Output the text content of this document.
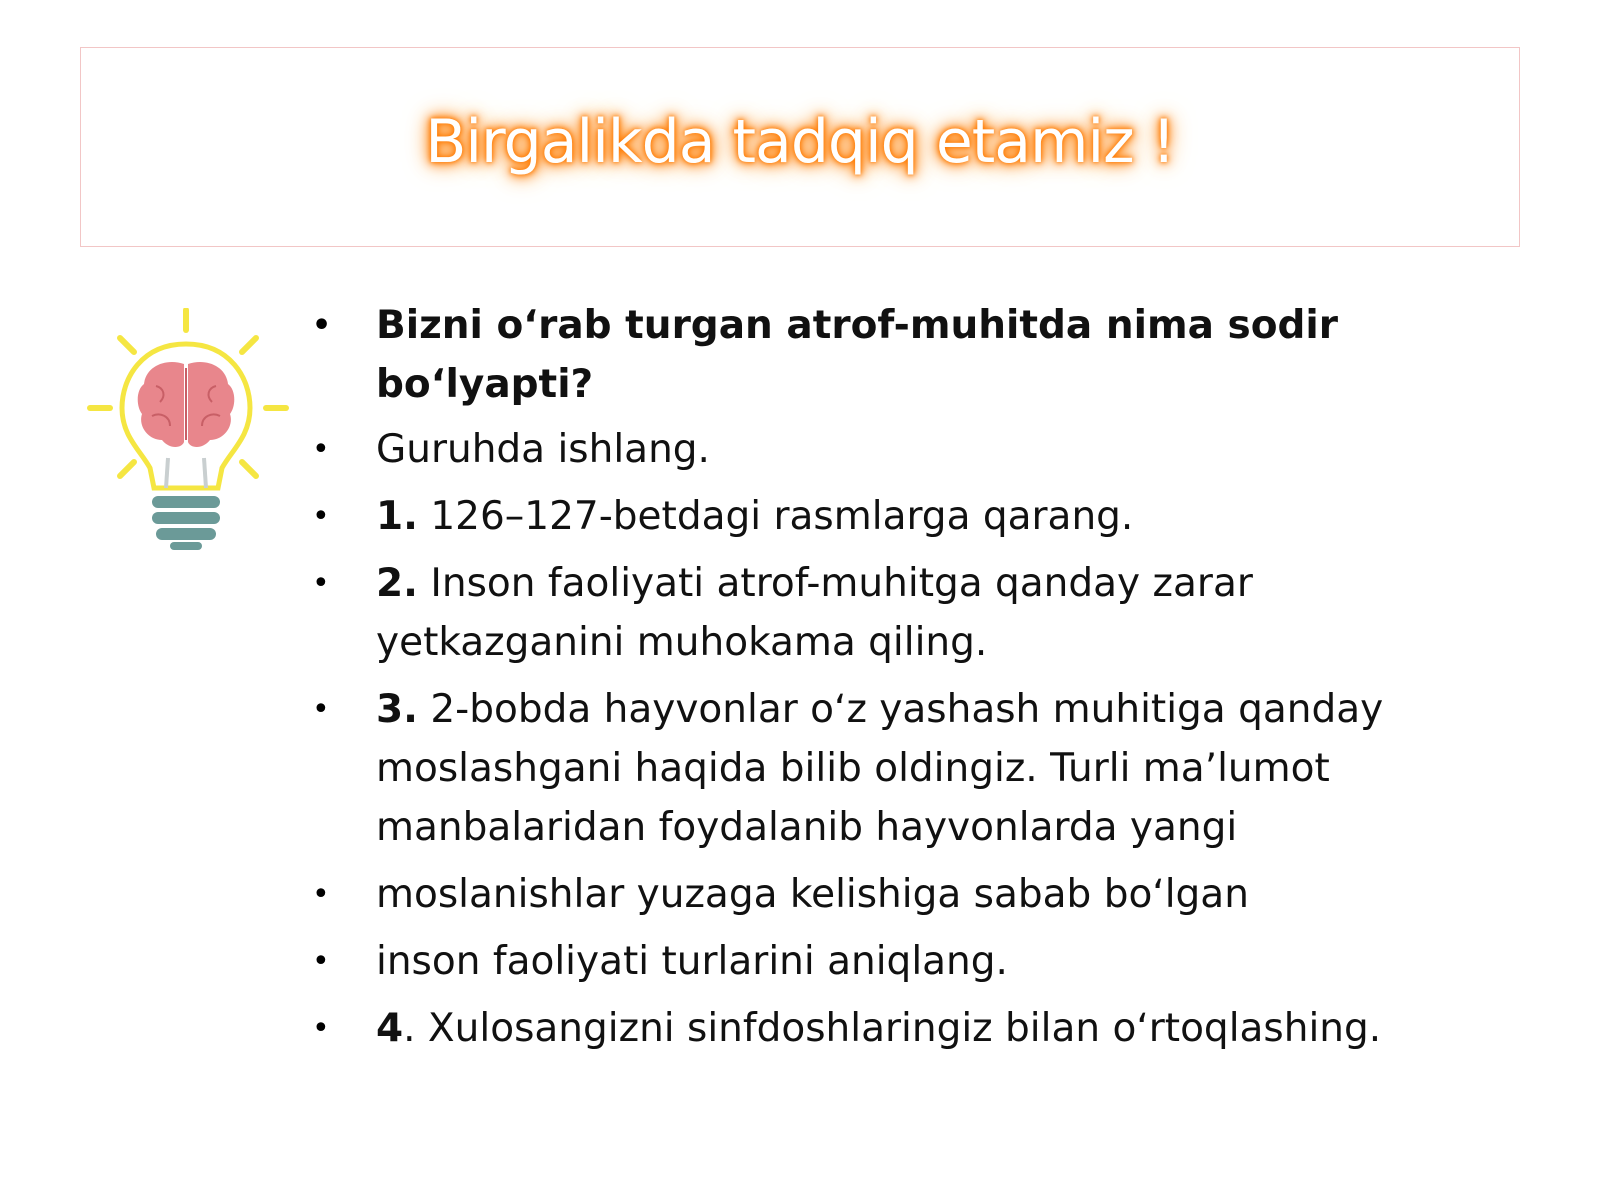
Birgalikda tadqiq etamiz !
• Bizni o‘rab turgan atrof-muhitda nima sodir bo‘lyapti?
• Guruhda ishlang.
• 1. 126–127-betdagi rasmlarga qarang.
• 2. Inson faoliyati atrof-muhitga qanday zarar yetkazganini muhokama qiling.
• 3. 2-bobda hayvonlar o‘z yashash muhitiga qanday moslashgani haqida bilib oldingiz. Turli ma’lumot manbalaridan foydalanib hayvonlarda yangi
• moslanishlar yuzaga kelishiga sabab bo‘lgan
• inson faoliyati turlarini aniqlang.
• 4. Xulosangizni sinfdoshlaringiz bilan o‘rtoqlashing.
